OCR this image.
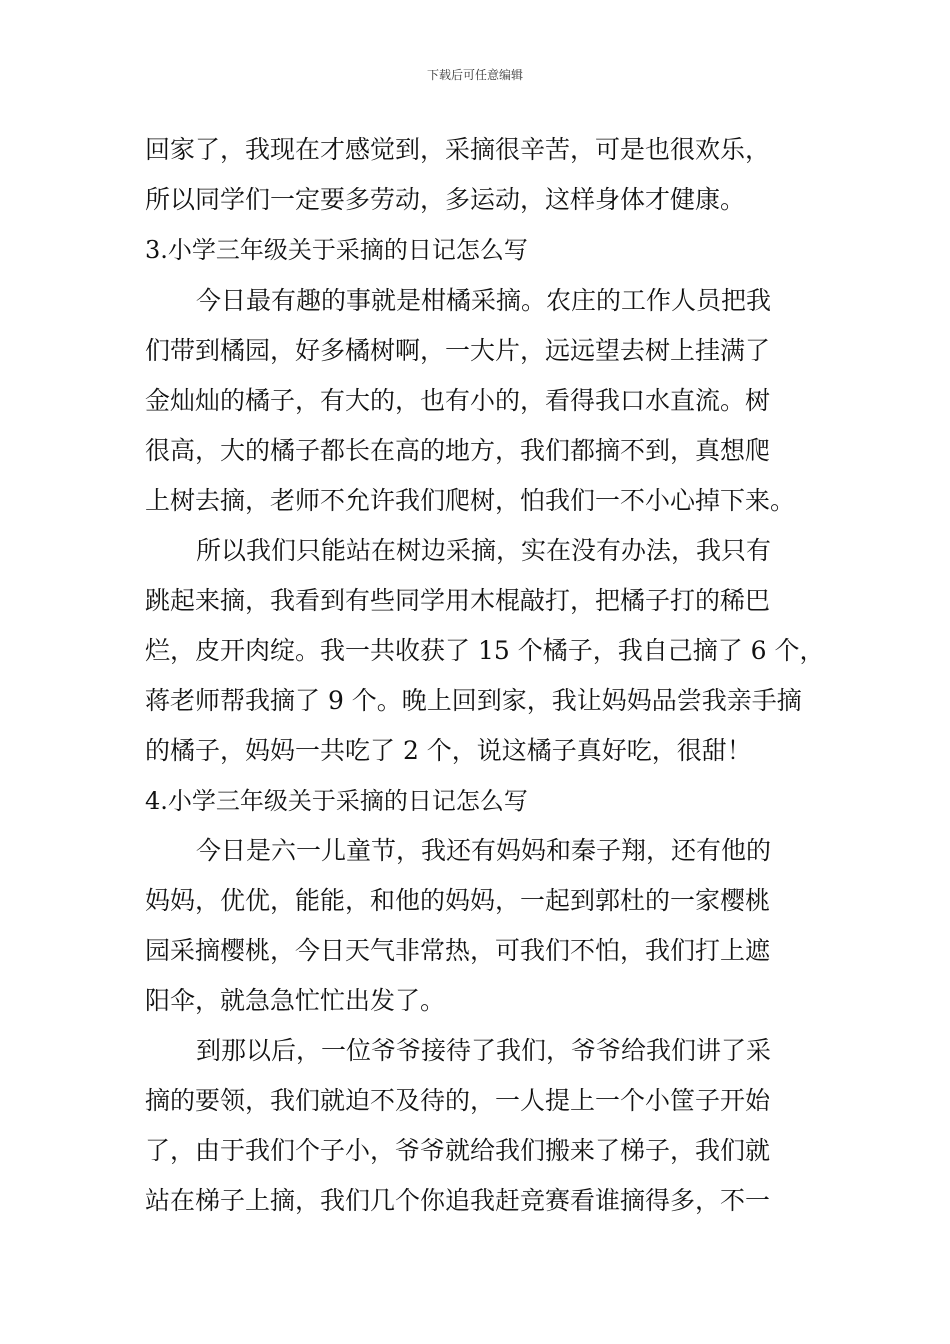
下载后可任意编辑
回家了，我现在才感觉到，采摘很辛苦，可是也很欢乐，
所以同学们一定要多劳动，多运动，这样身体才健康。
3.小学三年级关于采摘的日记怎么写
今日最有趣的事就是柑橘采摘。农庄的工作人员把我
们带到橘园，好多橘树啊，一大片，远远望去树上挂满了
金灿灿的橘子，有大的，也有小的，看得我口水直流。树
很高，大的橘子都长在高的地方，我们都摘不到，真想爬
上树去摘，老师不允许我们爬树，怕我们一不小心掉下来。
所以我们只能站在树边采摘，实在没有办法，我只有
跳起来摘，我看到有些同学用木棍敲打，把橘子打的稀巴
烂，皮开肉绽。我一共收获了 15 个橘子，我自己摘了 6 个，
蒋老师帮我摘了 9 个。晚上回到家，我让妈妈品尝我亲手摘
的橘子，妈妈一共吃了 2 个，说这橘子真好吃，很甜！
4.小学三年级关于采摘的日记怎么写
今日是六一儿童节，我还有妈妈和秦子翔，还有他的
妈妈，优优，能能，和他的妈妈，一起到郭杜的一家樱桃
园采摘樱桃，今日天气非常热，可我们不怕，我们打上遮
阳伞，就急急忙忙出发了。
到那以后，一位爷爷接待了我们，爷爷给我们讲了采
摘的要领，我们就迫不及待的，一人提上一个小筐子开始
了，由于我们个子小，爷爷就给我们搬来了梯子，我们就
站在梯子上摘，我们几个你追我赶竞赛看谁摘得多，不一
